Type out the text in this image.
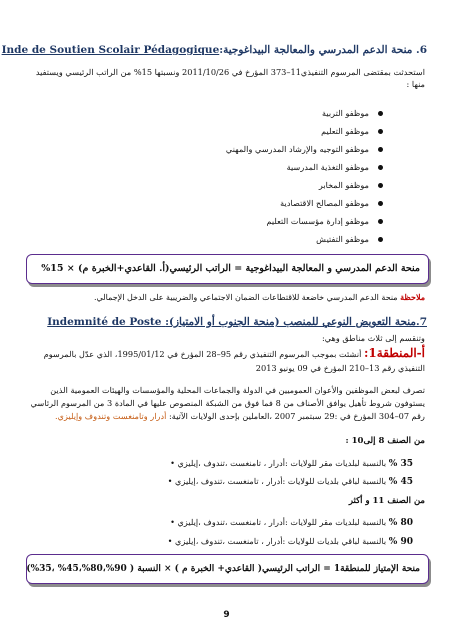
6. منحة الدعم المدرسي والمعالجة البيداغوجية:Inde de Soutien Scolair Pédagogique
استحدثت بمقتضى المرسوم التنفيذي11–373 المؤرخ في 2011/10/26 ونسبتها 15% من الراتب الرئيسي ويستفيد
منها :
موظفو التربية
موظفو التعليم
موظفو التوجيه والإرشاد المدرسي والمهني
موظفو التغذية المدرسية
موظفو المخابر
موظفو المصالح الاقتصادية
موظفو إدارة مؤسسات التعليم
موظفو التفتيش
منحة الدعم المدرسي و المعالجة البيداغوجية = الراتب الرئيسي(أ. القاعدي+الخبرة م) × 15%
ملاحظة منحة الدعم المدرسي خاضعة للاقتطاعات الضمان الاجتماعي والضريبية على الدخل الإجمالي.
7.منحة التعويض النوعي للمنصب (منحة الجنوب أو الامتياز): Indemnité de Poste
وتنقسم إلى ثلاث مناطق وهي:
أ-المنطقة1: أنشئت بموجب المرسوم التنفيذي رقم 95–28 المؤرخ في 1995/01/12، الذي عدّل بالمرسوم
التنفيذي رقم 13–210 المؤرخ في 09 يونيو 2013
تصرف لبعض الموظفين والأعوان العموميين في الدولة والجماعات المحلية والمؤسسات والهيئات العمومية الذين
يستوفون شروط تأهيل يوافق الأصناف من 8 فما فوق من الشبكة المنصوص عليها في المادة 3 من المرسوم الرئاسي
رقم 07–304 المؤرخ في :29 سبتمبر 2007 ،العاملين بإحدى الولايات الآتية: أدرار وتامنغست وتندوف وإيليزي.
من الصنف 8 إلى10 :
35 % بالنسبة لبلديات مقر للولايات :أدرار ، تامنغست ،تندوف ،إيليزي •
45 % بالنسبة لباقي بلديات للولايات :أدرار ، تامنغست ،تندوف ،إيليزي •
من الصنف 11 و أكثر
80 % بالنسبة لبلديات مقر للولايات :أدرار ، تامنغست ،تندوف ،إيليزي •
90 % بالنسبة لباقي بلديات للولايات :أدرار ، تامنغست ،تندوف ،إيليزي •
منحة الإمتياز للمنطقة1 = الراتب الرئيسي( القاعدي+ الخبرة م ) × النسبة ( 90%،80%،45% ،35%)
9
